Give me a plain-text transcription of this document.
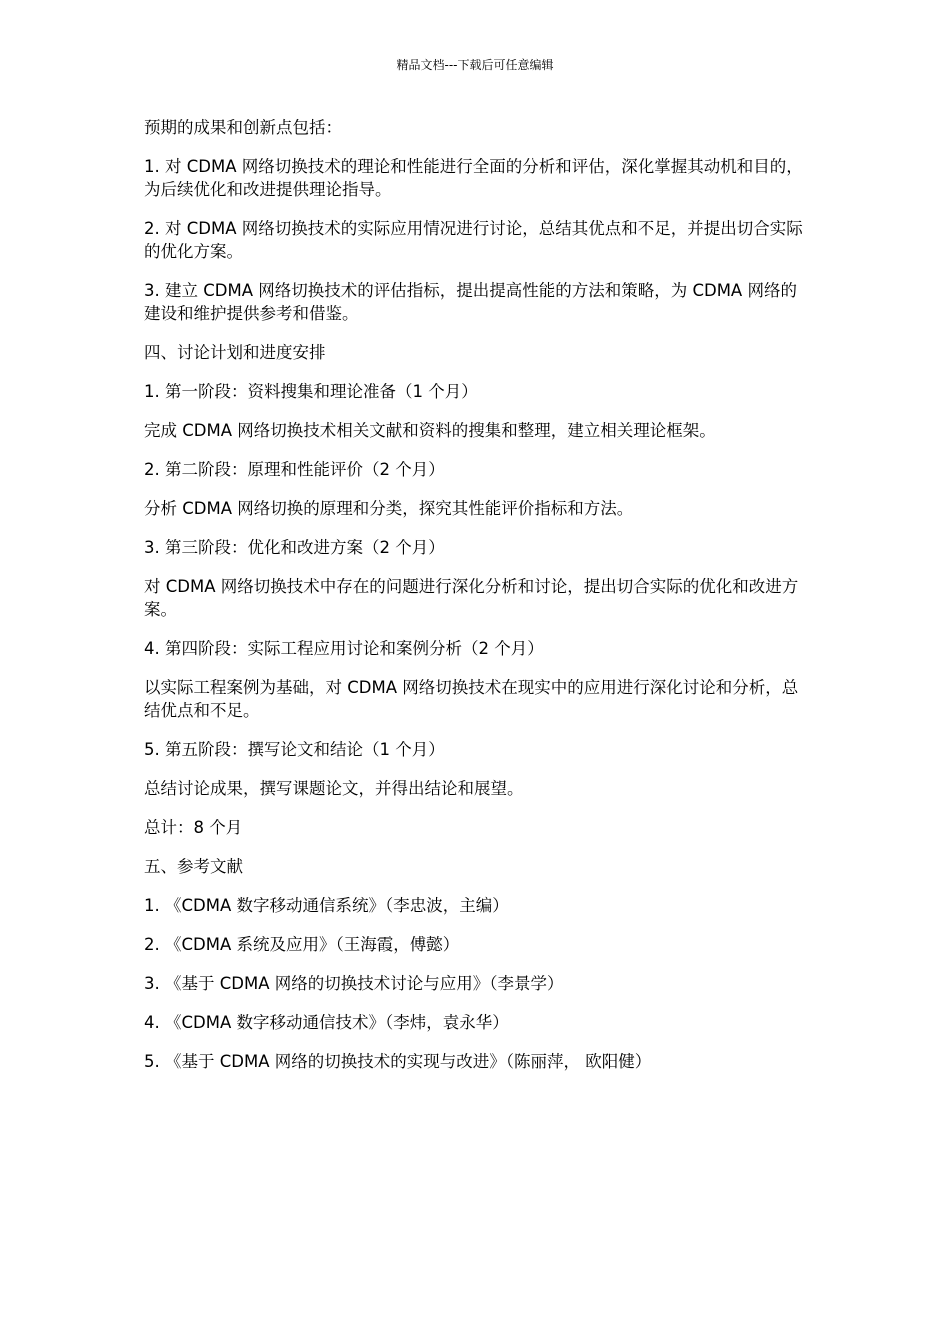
精品文档---下载后可任意编辑

预期的成果和创新点包括：

1. 对 CDMA 网络切换技术的理论和性能进行全面的分析和评估，深化掌握其动机和目的，为后续优化和改进提供理论指导。

2. 对 CDMA 网络切换技术的实际应用情况进行讨论，总结其优点和不足，并提出切合实际的优化方案。

3. 建立 CDMA 网络切换技术的评估指标，提出提高性能的方法和策略，为 CDMA 网络的建设和维护提供参考和借鉴。

四、讨论计划和进度安排

1. 第一阶段：资料搜集和理论准备（1 个月）

完成 CDMA 网络切换技术相关文献和资料的搜集和整理，建立相关理论框架。

2. 第二阶段：原理和性能评价（2 个月）

分析 CDMA 网络切换的原理和分类，探究其性能评价指标和方法。

3. 第三阶段：优化和改进方案（2 个月）

对 CDMA 网络切换技术中存在的问题进行深化分析和讨论，提出切合实际的优化和改进方案。

4. 第四阶段：实际工程应用讨论和案例分析（2 个月）

以实际工程案例为基础，对 CDMA 网络切换技术在现实中的应用进行深化讨论和分析，总结优点和不足。

5. 第五阶段：撰写论文和结论（1 个月）

总结讨论成果，撰写课题论文，并得出结论和展望。

总计：8 个月

五、参考文献

1. 《CDMA 数字移动通信系统》（李忠波，主编）

2. 《CDMA 系统及应用》（王海霞，傅懿）

3. 《基于 CDMA 网络的切换技术讨论与应用》（李景学）

4. 《CDMA 数字移动通信技术》（李炜，袁永华）

5. 《基于 CDMA 网络的切换技术的实现与改进》（陈丽萍， 欧阳健）
